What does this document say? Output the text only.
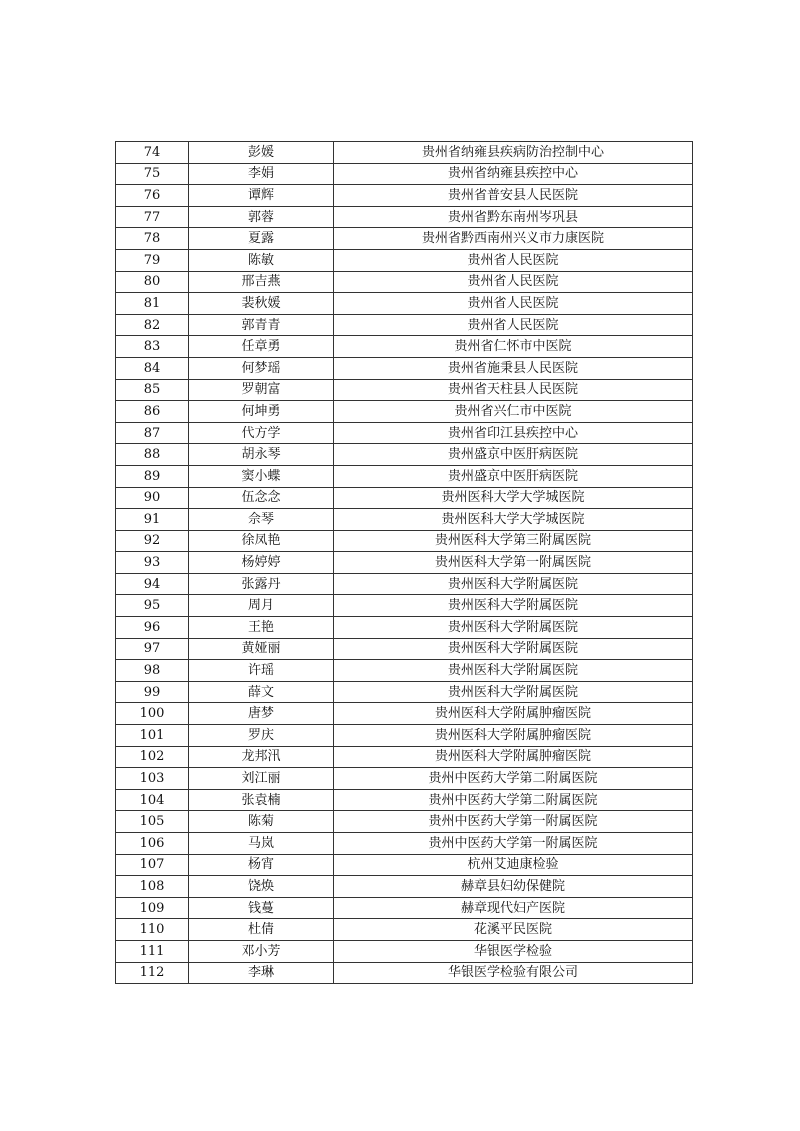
74	彭媛	贵州省纳雍县疾病防治控制中心
75	李娟	贵州省纳雍县疾控中心
76	谭辉	贵州省普安县人民医院
77	郭蓉	贵州省黔东南州岑巩县
78	夏露	贵州省黔西南州兴义市力康医院
79	陈敏	贵州省人民医院
80	邢吉燕	贵州省人民医院
81	裴秋媛	贵州省人民医院
82	郭青青	贵州省人民医院
83	任章勇	贵州省仁怀市中医院
84	何梦瑶	贵州省施秉县人民医院
85	罗朝富	贵州省天柱县人民医院
86	何坤勇	贵州省兴仁市中医院
87	代方学	贵州省印江县疾控中心
88	胡永琴	贵州盛京中医肝病医院
89	窦小蝶	贵州盛京中医肝病医院
90	伍念念	贵州医科大学大学城医院
91	佘琴	贵州医科大学大学城医院
92	徐凤艳	贵州医科大学第三附属医院
93	杨婷婷	贵州医科大学第一附属医院
94	张露丹	贵州医科大学附属医院
95	周月	贵州医科大学附属医院
96	王艳	贵州医科大学附属医院
97	黄娅丽	贵州医科大学附属医院
98	许瑶	贵州医科大学附属医院
99	薛文	贵州医科大学附属医院
100	唐梦	贵州医科大学附属肿瘤医院
101	罗庆	贵州医科大学附属肿瘤医院
102	龙邦汛	贵州医科大学附属肿瘤医院
103	刘江丽	贵州中医药大学第二附属医院
104	张袁楠	贵州中医药大学第二附属医院
105	陈菊	贵州中医药大学第一附属医院
106	马岚	贵州中医药大学第一附属医院
107	杨宵	杭州艾迪康检验
108	饶焕	赫章县妇幼保健院
109	钱蔓	赫章现代妇产医院
110	杜倩	花溪平民医院
111	邓小芳	华银医学检验
112	李琳	华银医学检验有限公司
